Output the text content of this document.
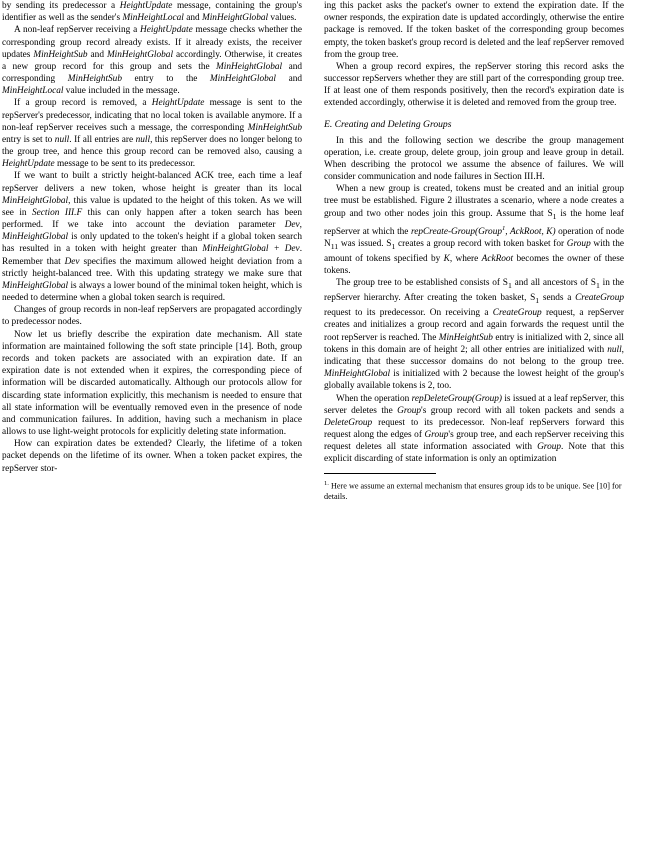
by sending its predecessor a HeightUpdate message, containing the group's identifier as well as the sender's MinHeightLocal and MinHeightGlobal values.

A non-leaf repServer receiving a HeightUpdate message checks whether the corresponding group record already exists. If it already exists, the receiver updates MinHeightSub and MinHeightGlobal accordingly. Otherwise, it creates a new group record for this group and sets the MinHeightGlobal and corresponding MinHeightSub entry to the MinHeightGlobal and MinHeightLocal value included in the message.

If a group record is removed, a HeightUpdate message is sent to the repServer's predecessor, indicating that no local token is available anymore. If a non-leaf repServer receives such a message, the corresponding MinHeightSub entry is set to null. If all entries are null, this repServer does no longer belong to the group tree, and hence this group record can be removed also, causing a HeightUpdate message to be sent to its predecessor.

If we want to built a strictly height-balanced ACK tree, each time a leaf repServer delivers a new token, whose height is greater than its local MinHeightGlobal, this value is updated to the height of this token. As we will see in Section III.F this can only happen after a token search has been performed. If we take into account the deviation parameter Dev, MinHeightGlobal is only updated to the token's height if a global token search has resulted in a token with height greater than MinHeightGlobal + Dev. Remember that Dev specifies the maximum allowed height deviation from a strictly height-balanced tree. With this updating strategy we make sure that MinHeightGlobal is always a lower bound of the minimal token height, which is needed to determine when a global token search is required.

Changes of group records in non-leaf repServers are propagated accordingly to predecessor nodes.

Now let us briefly describe the expiration date mechanism. All state information are maintained following the soft state principle [14]. Both, group records and token packets are associated with an expiration date. If an expiration date is not extended when it expires, the corresponding piece of information will be discarded automatically. Although our protocols allow for discarding state information explicitly, this mechanism is needed to ensure that all state information will be eventually removed even in the presence of node and communication failures. In addition, having such a mechanism in place allows to use light-weight protocols for explicitly deleting state information.

How can expiration dates be extended? Clearly, the lifetime of a token packet depends on the lifetime of its owner. When a token packet expires, the repServer stor-

ing this packet asks the packet's owner to extend the expiration date. If the owner responds, the expiration date is updated accordingly, otherwise the entire package is removed. If the token basket of the corresponding group becomes empty, the token basket's group record is deleted and the leaf repServer removed from the group tree.

When a group record expires, the repServer storing this record asks the successor repServers whether they are still part of the corresponding group tree. If at least one of them responds positively, then the record's expiration date is extended accordingly, otherwise it is deleted and removed from the group tree.

E. Creating and Deleting Groups

In this and the following section we describe the group management operation, i.e. create group, delete group, join group and leave group in detail. When describing the protocol we assume the absence of failures. We will consider communication and node failures in Section III.H.

When a new group is created, tokens must be created and an initial group tree must be established. Figure 2 illustrates a scenario, where a node creates a group and two other nodes join this group. Assume that $S_1$ is the home leaf repServer at which the repCreate-Group(Group$^1$, AckRoot, K) operation of node $N_{11}$ was issued. $S_1$ creates a group record with token basket for Group with the amount of tokens specified by K, where AckRoot becomes the owner of these tokens.

The group tree to be established consists of $S_1$ and all ancestors of $S_1$ in the repServer hierarchy. After creating the token basket, $S_1$ sends a CreateGroup request to its predecessor. On receiving a CreateGroup request, a repServer creates and initializes a group record and again forwards the request until the root repServer is reached. The MinHeightSub entry is initialized with 2, since all tokens in this domain are of height 2; all other entries are initialized with null, indicating that these successor domains do not belong to the group tree. MinHeightGlobal is initialized with 2 because the lowest height of the group's globally available tokens is 2, too.

When the operation repDeleteGroup(Group) is issued at a leaf repServer, this server deletes the Group's group record with all token packets and sends a DeleteGroup request to its predecessor. Non-leaf repServers forward this request along the edges of Group's group tree, and each repServer receiving this request deletes all state information associated with Group. Note that this explicit discarding of state information is only an optimization

$^{1.}$ Here we assume an external mechanism that ensures group ids to be unique. See [10] for details.
